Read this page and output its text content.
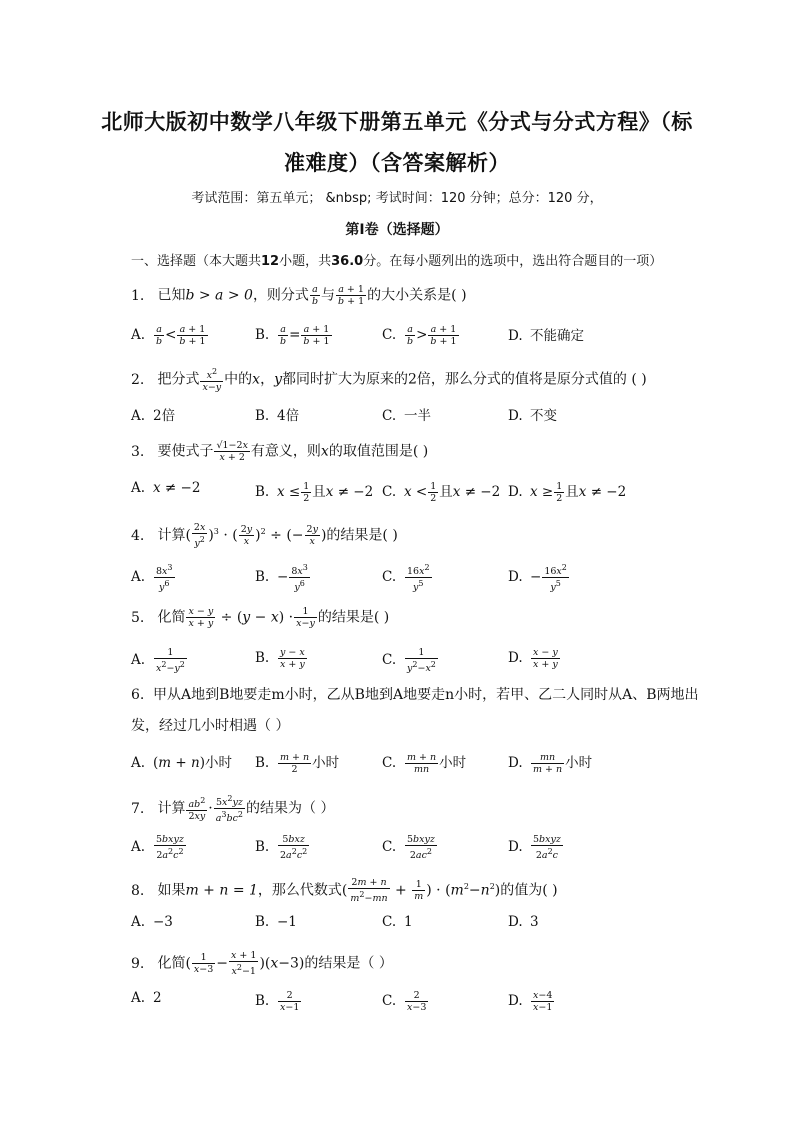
北师大版初中数学八年级下册第五单元《分式与分式方程》（标
准难度）（含答案解析）
考试范围：第五单元； &nbsp; 考试时间：120 分钟；总分：120 分，
第Ⅰ卷（选择题）
一、选择题（本大题共12小题，共36.0分。在每小题列出的选项中，选出符合题目的一项）
1. 已知b > a > 0，则分式 $\frac{a}{b}$ 与 $\frac{a + 1}{b + 1}$ 的大小关系是( )
A. $\frac{a}{b} < \frac{a + 1}{b + 1}$	B. $\frac{a}{b} = \frac{a + 1}{b + 1}$	C. $\frac{a}{b} > \frac{a + 1}{b + 1}$	D. 不能确定
2. 把分式 $\frac{x^2}{x-y}$ 中的x，y都同时扩大为原来的2倍，那么分式的值将是原分式值的 ( )
A. 2倍	B. 4倍	C. 一半	D. 不变
3. 要使式子 $\frac{√1-2x}{x + 2}$ 有意义，则x的取值范围是( )
A. x ≠ −2	B. $x \le \frac{1}{2}$ 且x ≠ −2 C. $x < \frac{1}{2}$ 且x ≠ −2 D. $x \ge \frac{1}{2}$ 且x ≠ −2
4. 计算( $\frac{2x}{y^2} )^3$ · ( $\frac{2y}{x} )^2$ ÷ (− $\frac{2y}{x}$ )的结果是( )
A. $\frac{8x^3}{y^6}$	B. − $\frac{8x^3}{y^6}$	C. $\frac{16x^2}{y^5}$	D. − $\frac{16x^2}{y^5}$
5. 化简 $\frac{x - y}{x + y} \div (y - x) \cdot \frac{1}{x-y}$ 的结果是( )
A. $\frac{1}{x^2-y^2}$	B. $\frac{y - x}{x + y}$	C. $\frac{1}{y^2-x^2}$	D. $\frac{x - y}{x + y}$
6. 甲从A地到B地要走m小时，乙从B地到A地要走n小时，若甲、乙二人同时从A、B两地出
发，经过几小时相遇（ ）
A. (m + n)小时 B. $\frac{m + n}{2}$ 小时	C. $\frac{m + n}{mn}$ 小时	D. $\frac{mn}{m + n}$ 小时
7. 计算 $\frac{ab^2}{2xy} \cdot \frac{5x^2yz}{a^3bc^2}$ 的结果为（ ）
A. $\frac{\text{5bxyz}}{2a^2c^2}$	B. $\frac{\text{5bxz}}{2a^2c^2}$	C. $\frac{\text{5bxyz}}{2ac^2}$	D. $\frac{\text{5bxyz}}{2a^2c}$
8. 如果m + n = 1，那么代数式( $\frac{2m + n}{m^2-mn} + \frac{1}{m}$ ) · $(m^2-n^2)$的值为( )
A. −3	B. −1	C. 1	D. 3
9. 化简( $\frac{1}{x-3} - \frac{x + 1}{x^2-1} )(x-3)$的结果是（ ）
A. 2	B. $\frac{2}{x-1}$	C. $\frac{2}{x-3}$	D. $\frac{x-4}{x-1}$
